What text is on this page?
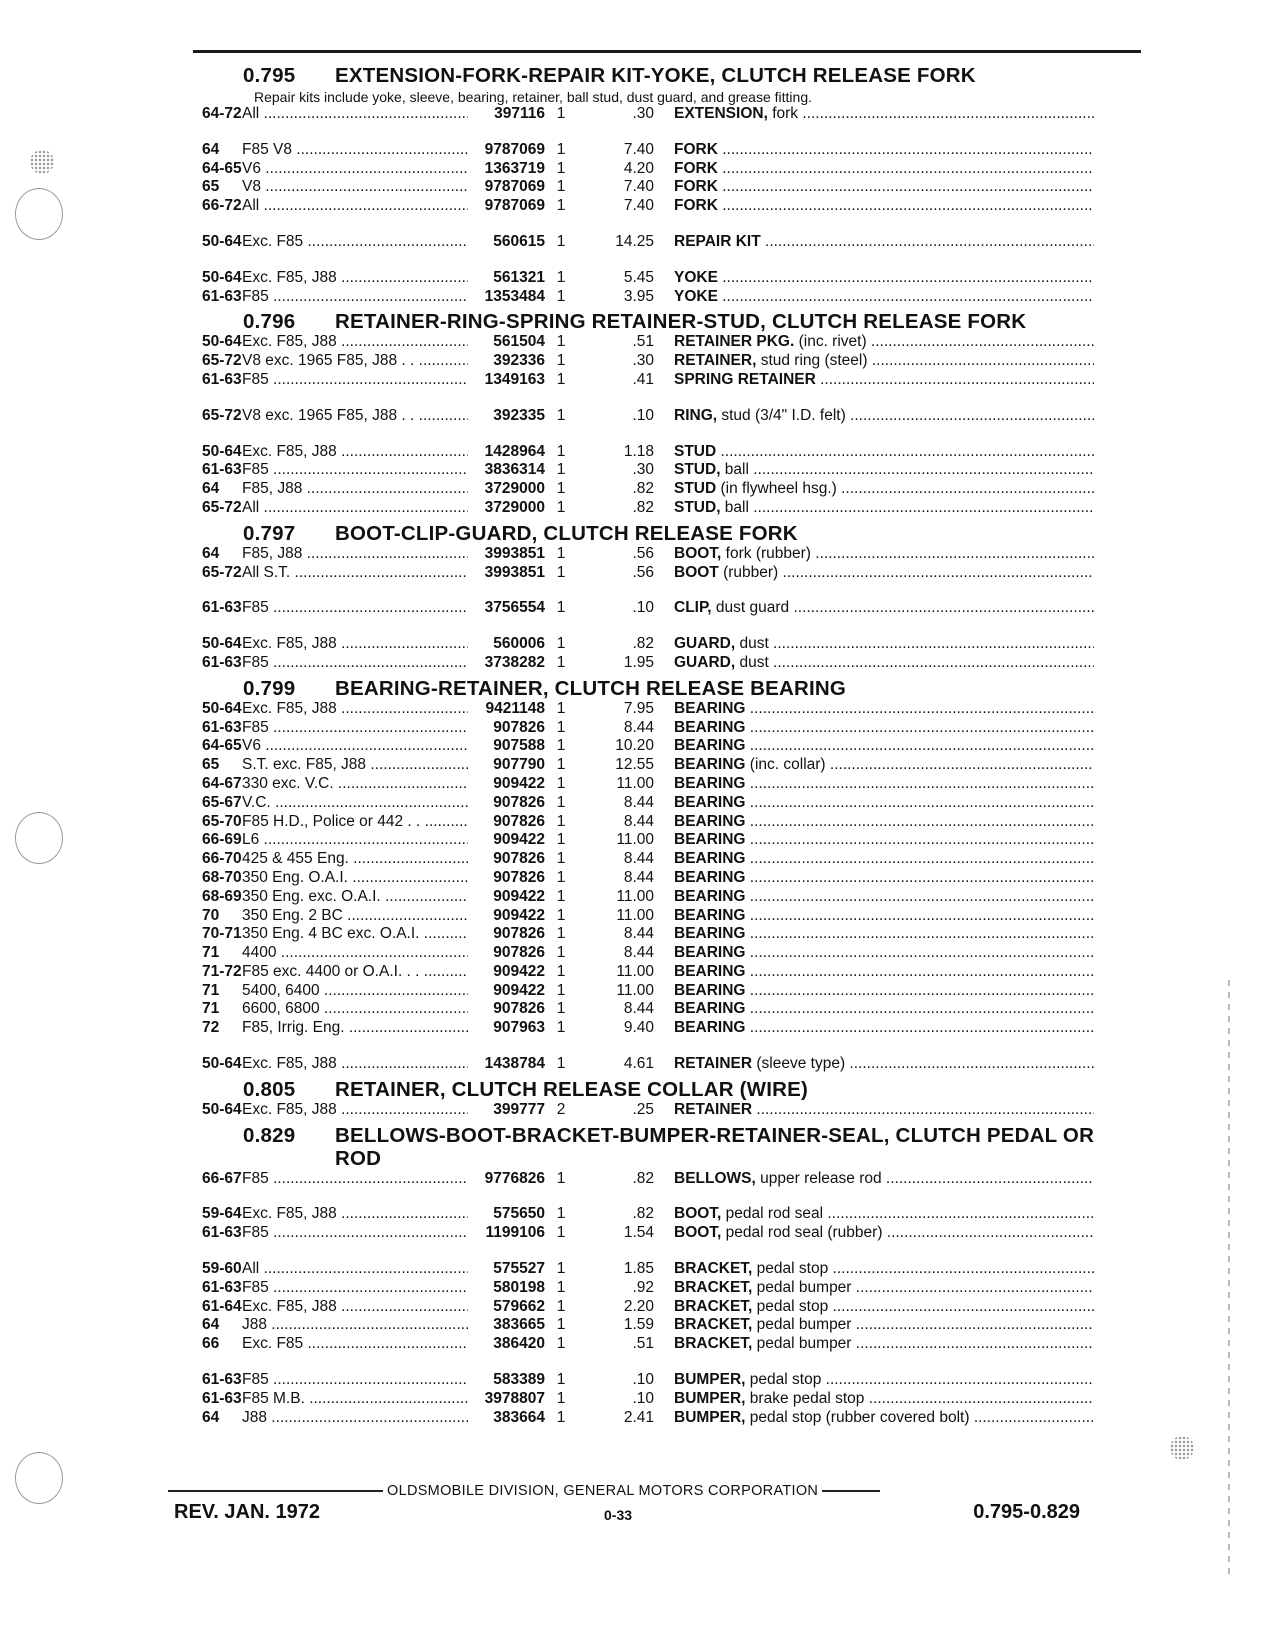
0.795	EXTENSION-FORK-REPAIR KIT-YOKE, CLUTCH RELEASE FORK
Repair kits include yoke, sleeve, bearing, retainer, ball stud, dust guard, and grease fitting.
64-72 All .....	397116 1	.30 EXTENSION, fork .....
64	F85 V8 .....	9787069 1	7.40 FORK .....
64-65 V6 .....	1363719 1	4.20 FORK .....
65	V8 .....	9787069 1	7.40 FORK .....
66-72 All .....	9787069 1	7.40 FORK .....
50-64 Exc. F85 .....	560615 1	14.25 REPAIR KIT .....
50-64 Exc. F85, J88 .....	561321 1	5.45 YOKE .....
61-63 F85 .....	1353484 1	3.95 YOKE .....
0.796	RETAINER-RING-SPRING RETAINER-STUD, CLUTCH RELEASE FORK
50-64 Exc. F85, J88 .....	561504 1	.51 RETAINER PKG. (inc. rivet) .....
65-72 V8 exc. 1965 F85, J88 . . .....	392336 1	.30 RETAINER, stud ring (steel) .....
61-63 F85 .....	1349163 1	.41 SPRING RETAINER .....
65-72 V8 exc. 1965 F85, J88 . . .....	392335 1	.10 RING, stud (3/4" I.D. felt) .....
50-64 Exc. F85, J88 .....	1428964 1	1.18 STUD .....
61-63 F85 .....	3836314 1	.30 STUD, ball .....
64	F85, J88 .....	3729000 1	.82 STUD (in flywheel hsg.) .....
65-72 All .....	3729000 1	.82 STUD, ball .....
0.797	BOOT-CLIP-GUARD, CLUTCH RELEASE FORK
64	F85, J88 .....	3993851 1	.56 BOOT, fork (rubber) .....
65-72 All S.T. .....	3993851 1	.56 BOOT (rubber) .....
61-63 F85 .....	3756554 1	.10 CLIP, dust guard .....
50-64 Exc. F85, J88 .....	560006 1	.82 GUARD, dust .....
61-63 F85 .....	3738282 1	1.95 GUARD, dust .....
0.799	BEARING-RETAINER, CLUTCH RELEASE BEARING
50-64 Exc. F85, J88 .....	9421148 1	7.95 BEARING .....
61-63 F85 .....	907826 1	8.44 BEARING .....
64-65 V6 .....	907588 1	10.20 BEARING .....
65	S.T. exc. F85, J88 .....	907790 1	12.55 BEARING (inc. collar) .....
64-67 330 exc. V.C. .....	909422 1	11.00 BEARING .....
65-67 V.C. .....	907826 1	8.44 BEARING .....
65-70 F85 H.D., Police or 442 . . .....	907826 1	8.44 BEARING .....
66-69 L6 .....	909422 1	11.00 BEARING .....
66-70 425 & 455 Eng. .....	907826 1	8.44 BEARING .....
68-70 350 Eng. O.A.I. .....	907826 1	8.44 BEARING .....
68-69 350 Eng. exc. O.A.I. .....	909422 1	11.00 BEARING .....
70	350 Eng. 2 BC .....	909422 1	11.00 BEARING .....
70-71 350 Eng. 4 BC exc. O.A.I. .....	907826 1	8.44 BEARING .....
71	4400 .....	907826 1	8.44 BEARING .....
71-72 F85 exc. 4400 or O.A.I. . . .....	909422 1	11.00 BEARING .....
71	5400, 6400 .....	909422 1	11.00 BEARING .....
71	6600, 6800 .....	907826 1	8.44 BEARING .....
72	F85, Irrig. Eng. .....	907963 1	9.40 BEARING .....
50-64 Exc. F85, J88 .....	1438784 1	4.61 RETAINER (sleeve type) .....
0.805	RETAINER, CLUTCH RELEASE COLLAR (WIRE)
50-64 Exc. F85, J88 .....	399777 2	.25 RETAINER .....
0.829	BELLOWS-BOOT-BRACKET-BUMPER-RETAINER-SEAL, CLUTCH PEDAL OR ROD
66-67 F85 .....	9776826 1	.82 BELLOWS, upper release rod .....
59-64 Exc. F85, J88 .....	575650 1	.82 BOOT, pedal rod seal .....
61-63 F85 .....	1199106 1	1.54 BOOT, pedal rod seal (rubber) .....
59-60 All .....	575527 1	1.85 BRACKET, pedal stop .....
61-63 F85 .....	580198 1	.92 BRACKET, pedal bumper .....
61-64 Exc. F85, J88 .....	579662 1	2.20 BRACKET, pedal stop .....
64	J88 .....	383665 1	1.59 BRACKET, pedal bumper .....
66	Exc. F85 .....	386420 1	.51 BRACKET, pedal bumper .....
61-63 F85 .....	583389 1	.10 BUMPER, pedal stop .....
61-63 F85 M.B. .....	3978807 1	.10 BUMPER, brake pedal stop .....
64	J88 .....	383664 1	2.41 BUMPER, pedal stop (rubber covered bolt) .....
OLDSMOBILE DIVISION, GENERAL MOTORS CORPORATION
REV. JAN. 1972	0-33	0.795-0.829
